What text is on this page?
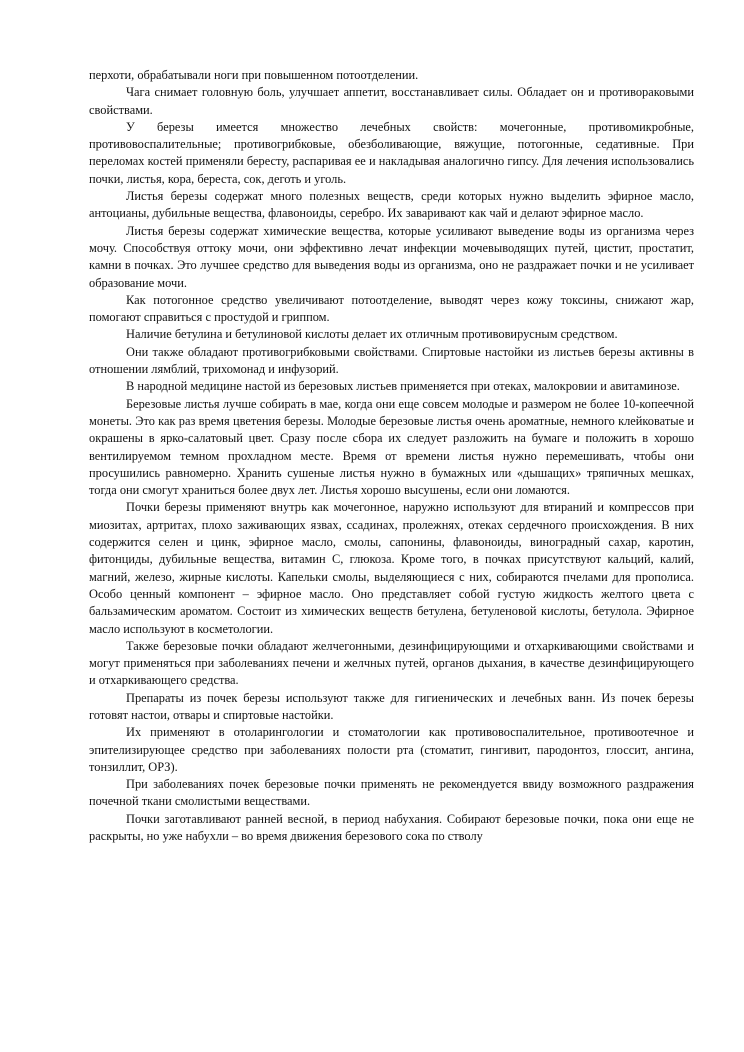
перхоти, обрабатывали ноги при повышенном потоотделении.

Чага снимает головную боль, улучшает аппетит, восстанавливает силы. Обладает он и противораковыми свойствами.

У березы имеется множество лечебных свойств: мочегонные, противомикробные, противовоспалительные; противогрибковые, обезболивающие, вяжущие, потогонные, седативные. При переломах костей применяли бересту, распаривая ее и накладывая аналогично гипсу. Для лечения использовались почки, листья, кора, береста, сок, деготь и уголь.

Листья березы содержат много полезных веществ, среди которых нужно выделить эфирное масло, антоцианы, дубильные вещества, флавоноиды, серебро. Их заваривают как чай и делают эфирное масло.

Листья березы содержат химические вещества, которые усиливают выведение воды из организма через мочу. Способствуя оттоку мочи, они эффективно лечат инфекции мочевыводящих путей, цистит, простатит, камни в почках. Это лучшее средство для выведения воды из организма, оно не раздражает почки и не усиливает образование мочи.

Как потогонное средство увеличивают потоотделение, выводят через кожу токсины, снижают жар, помогают справиться с простудой и гриппом.

Наличие бетулина и бетулиновой кислоты делает их отличным противовирусным средством.

Они также обладают противогрибковыми свойствами. Спиртовые настойки из листьев березы активны в отношении лямблий, трихомонад и инфузорий.

В народной медицине настой из березовых листьев применяется при отеках, малокровии и авитаминозе.

Березовые листья лучше собирать в мае, когда они еще совсем молодые и размером не более 10-копеечной монеты. Это как раз время цветения березы. Молодые березовые листья очень ароматные, немного клейковатые и окрашены в ярко-салатовый цвет. Сразу после сбора их следует разложить на бумаге и положить в хорошо вентилируемом темном прохладном месте. Время от времени листья нужно перемешивать, чтобы они просушились равномерно. Хранить сушеные листья нужно в бумажных или «дышащих» тряпичных мешках, тогда они смогут храниться более двух лет. Листья хорошо высушены, если они ломаются.

Почки березы применяют внутрь как мочегонное, наружно используют для втираний и компрессов при миозитах, артритах, плохо заживающих язвах, ссадинах, пролежнях, отеках сердечного происхождения. В них содержится селен и цинк, эфирное масло, смолы, сапонины, флавоноиды, виноградный сахар, каротин, фитонциды, дубильные вещества, витамин С, глюкоза. Кроме того, в почках присутствуют кальций, калий, магний, железо, жирные кислоты. Капельки смолы, выделяющиеся с них, собираются пчелами для прополиса. Особо ценный компонент – эфирное масло. Оно представляет собой густую жидкость желтого цвета с бальзамическим ароматом. Состоит из химических веществ бетулена, бетуленовой кислоты, бетулола. Эфирное масло используют в косметологии.

Также березовые почки обладают желчегонными, дезинфицирующими и отхаркивающими свойствами и могут применяться при заболеваниях печени и желчных путей, органов дыхания, в качестве дезинфицирующего и отхаркивающего средства.

Препараты из почек березы используют также для гигиенических и лечебных ванн. Из почек березы готовят настои, отвары и спиртовые настойки.

Их применяют в отоларингологии и стоматологии как противовоспалительное, противоотечное и эпителизирующее средство при заболеваниях полости рта (стоматит, гингивит, пародонтоз, глоссит, ангина, тонзиллит, ОРЗ).

При заболеваниях почек березовые почки применять не рекомендуется ввиду возможного раздражения почечной ткани смолистыми веществами.

Почки заготавливают ранней весной, в период набухания. Собирают березовые почки, пока они еще не раскрыты, но уже набухли – во время движения березового сока по стволу
